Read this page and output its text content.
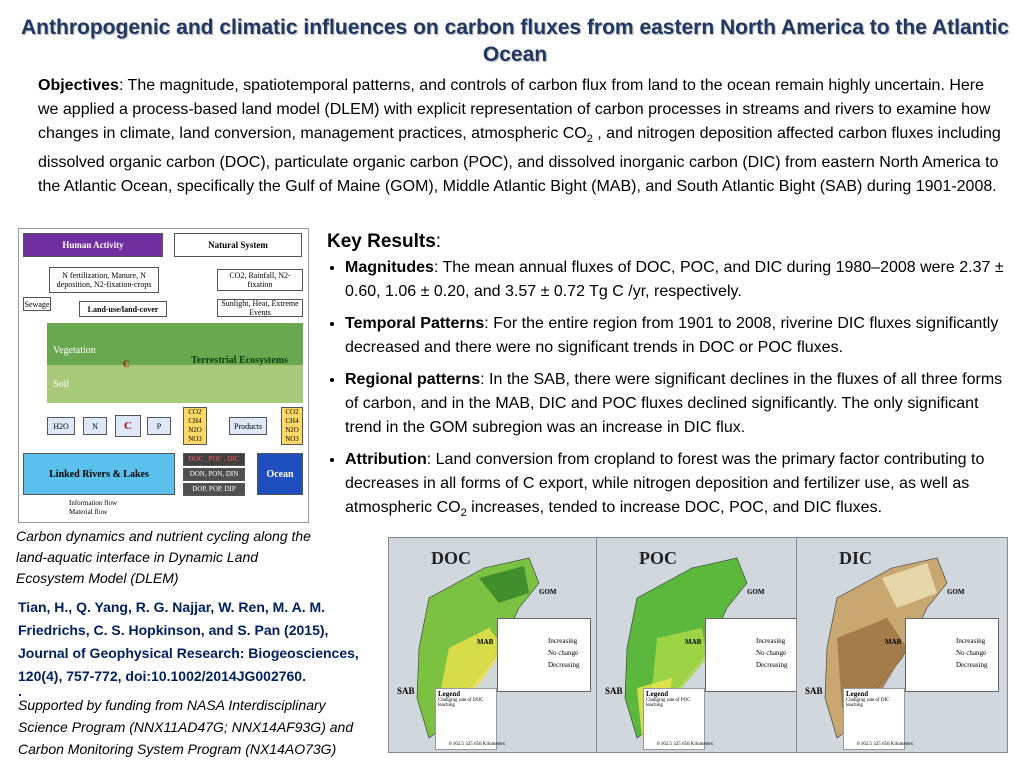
Anthropogenic and climatic influences on carbon fluxes from eastern North America to the Atlantic Ocean
Objectives: The magnitude, spatiotemporal patterns, and controls of carbon flux from land to the ocean remain highly uncertain. Here we applied a process-based land model (DLEM) with explicit representation of carbon processes in streams and rivers to examine how changes in climate, land conversion, management practices, atmospheric $CO_2$ , and nitrogen deposition affected carbon fluxes including dissolved organic carbon (DOC), particulate organic carbon (POC), and dissolved inorganic carbon (DIC) from eastern North America to the Atlantic Ocean, specifically the Gulf of Maine (GOM), Middle Atlantic Bight (MAB), and South Atlantic Bight (SAB) during 1901-2008.
Human Activity	Natural System
N fertilization, Manure, N deposition, N2-fixation-crops
CO2, Rainfall, N2-fixation
Sewage
Land-use/land-cover
Sunlight, Heat, Extreme Events
Vegetation
Soil
Terrestrial Ecosystems
C
H2O	N	C	P
CO2 CH4 N2O NO3
Products
CO2 CH4 N2O NO3
Linked Rivers & Lakes
DOC , POC , DIC
DON, PON, DIN
DOP, POP, DIP
Ocean
Information flow
Material flow
Carbon dynamics and nutrient cycling along the land-aquatic interface in Dynamic Land Ecosystem Model (DLEM)
Tian, H., Q. Yang, R. G. Najjar, W. Ren, M. A. M. Friedrichs, C. S. Hopkinson, and S. Pan (2015), Journal of Geophysical Research: Biogeosciences, 120(4), 757-772, doi:10.1002/2014JG002760.
.
Supported by funding from NASA Interdisciplinary Science Program (NNX11AD47G; NNX14AF93G) and Carbon Monitoring System Program (NX14AO73G)
Key Results:
• Magnitudes: The mean annual fluxes of DOC, POC, and DIC during 1980–2008 were 2.37 ± 0.60, 1.06 ± 0.20, and 3.57 ± 0.72 Tg C /yr, respectively.
• Temporal Patterns: For the entire region from 1901 to 2008, riverine DIC fluxes significantly decreased and there were no significant trends in DOC or POC fluxes.
• Regional patterns: In the SAB, there were significant declines in the fluxes of all three forms of carbon, and in the MAB, DIC and POC fluxes declined significantly. The only significant trend in the GOM subregion was an increase in DIC flux.
• Attribution: Land conversion from cropland to forest was the primary factor contributing to decreases in all forms of C export, while nitrogen deposition and fertilizer use, as well as atmospheric $CO_2$ increases, tended to increase DOC, POC, and DIC fluxes.
DOC
GOM
MAB
SAB
Increasing
No change
Decreasing
Legend
Changing rate of DOC leaching
0 162.5 325 650 Kilometers
POC
GOM
MAB
SAB
Increasing
No change
Decreasing
Legend
Changing rate of POC leaching
0 162.5 325 650 Kilometers
DIC
GOM
MAB
SAB
Increasing
No change
Decreasing
Legend
Changing rate of DIC leaching
0 162.5 325 650 Kilometers
